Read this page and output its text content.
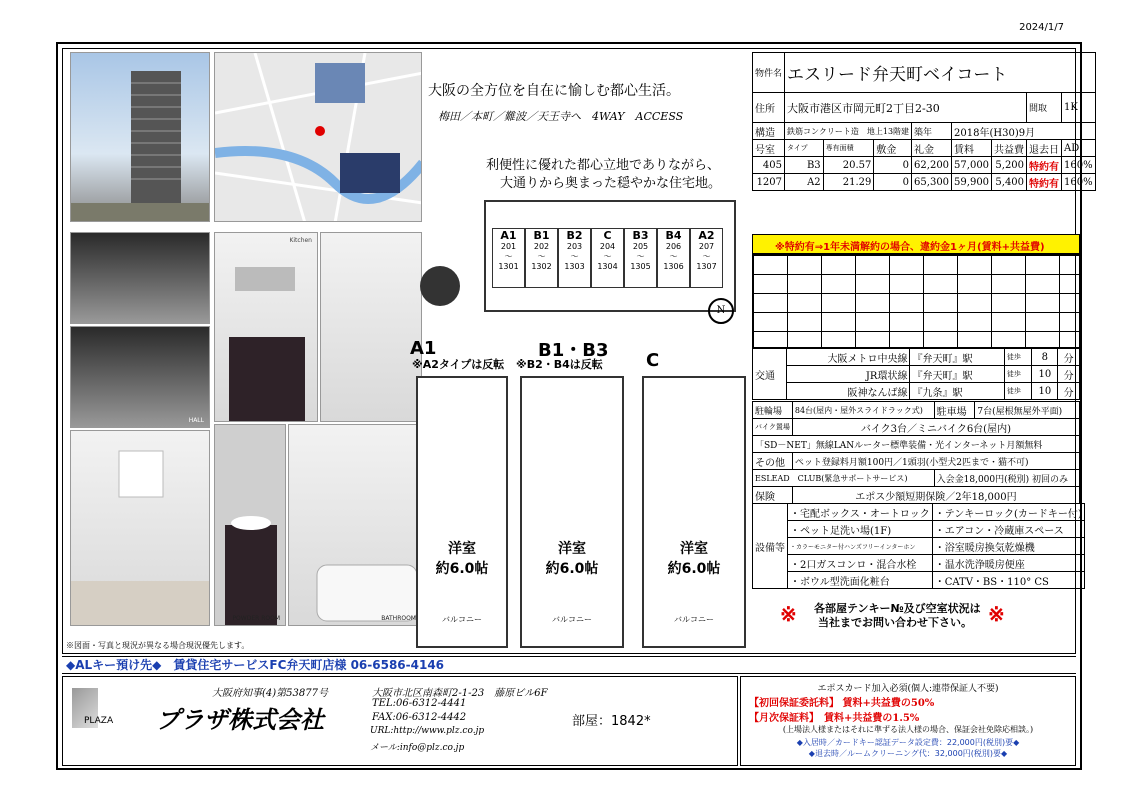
2024/1/7
HALL
Kitchen
POWDER ROOM	BATHROOM
大阪の全方位を自在に愉しむ都心生活。
梅田／本町／難波／天王寺へ　4WAY　ACCESS
利便性に優れた都心立地でありながら、
大通りから奥まった穏やかな住宅地。
A1
201
〜
1301
B1
202
〜
1302
B2
203
〜
1303
C
204
〜
1304
B3
205
〜
1305
B4
206
〜
1306
A2
207
〜
1307
N
A1
※A2タイプは反転
B1・B3
※B2・B4は反転 C
洋室
約6.0帖
バルコニー
洋室
約6.0帖
バルコニー
洋室
約6.0帖
バルコニー
物件名	エスリード弁天町ベイコート							
住所	大阪市港区市岡元町2丁目2-30						間取	1K
構造	鉄筋コンクリート造　地上13階建			築年	2018年(H30)9月			
号室	タイプ	専有面積	敷金	礼金	賃料	共益費	退去日	AD
405	B3	20.57	0	62,200	57,000	5,200	特約有	160%
1207	A2	21.29	0	65,300	59,900	5,400	特約有	160%
※特約有⇒1年未満解約の場合、違約金1ヶ月(賃料+共益費)
交通	大阪メトロ中央線	『弁天町』駅	徒歩	8	分
	JR環状線	『弁天町』駅	徒歩	10	分
	阪神なんば線	『九条』駅	徒歩	10	分
駐輪場	84台(屋内・屋外スライドラック式)	駐車場	7台(屋根無屋外平面)
バイク置場	バイク3台／ミニバイク6台(屋内)		
「SD－NET」無線LANルーター標準装備・光インターネット月額無料			
その他	ペット登録料月額100円／1頭羽(小型犬2匹まで・猫不可)		
ESLEAD　CLUB(緊急サポートサービス)		入会金18,000円(税別) 初回のみ	
保険	エポス少額短期保険／2年18,000円		
設備等	・宅配ボックス・オートロック	・テンキーロック(カードキー付)
	・ペット足洗い場(1F)	・エアコン・冷蔵庫スペース
	・カラーモニター付ハンズフリーインターホン	・浴室暖房換気乾燥機
	・2口ガスコンロ・混合水栓	・温水洗浄暖房便座
	・ボウル型洗面化粧台	・CATV・BS・110° CS
※	※
各部屋テンキー№及び空室状況は
当社までお問い合わせ下さい。
※図面・写真と現況が異なる場合現況優先します。
◆ALキー預け先◆　賃貸住宅サービスFC弁天町店様 06-6586-4146
PLAZA
大阪府知事(4)第53877号
プラザ株式会社
大阪市北区南森町2-1-23　藤原ビル6F
TEL:06-6312-4441
FAX:06-6312-4442
URL:http://www.plz.co.jp
メール:info@plz.co.jp
部屋：1842*
エポスカード加入必須(個人:連帯保証人不要)
【初回保証委託料】 賃料+共益費の50%
【月次保証料】　賃料+共益費の1.5%
(上場法人様またはそれに準ずる法人様の場合、保証会社免除応相談。)
◆入居時／カードキー認証データ設定費：22,000円(税別)要◆
◆退去時／ルームクリーニング代：32,000円(税別)要◆
